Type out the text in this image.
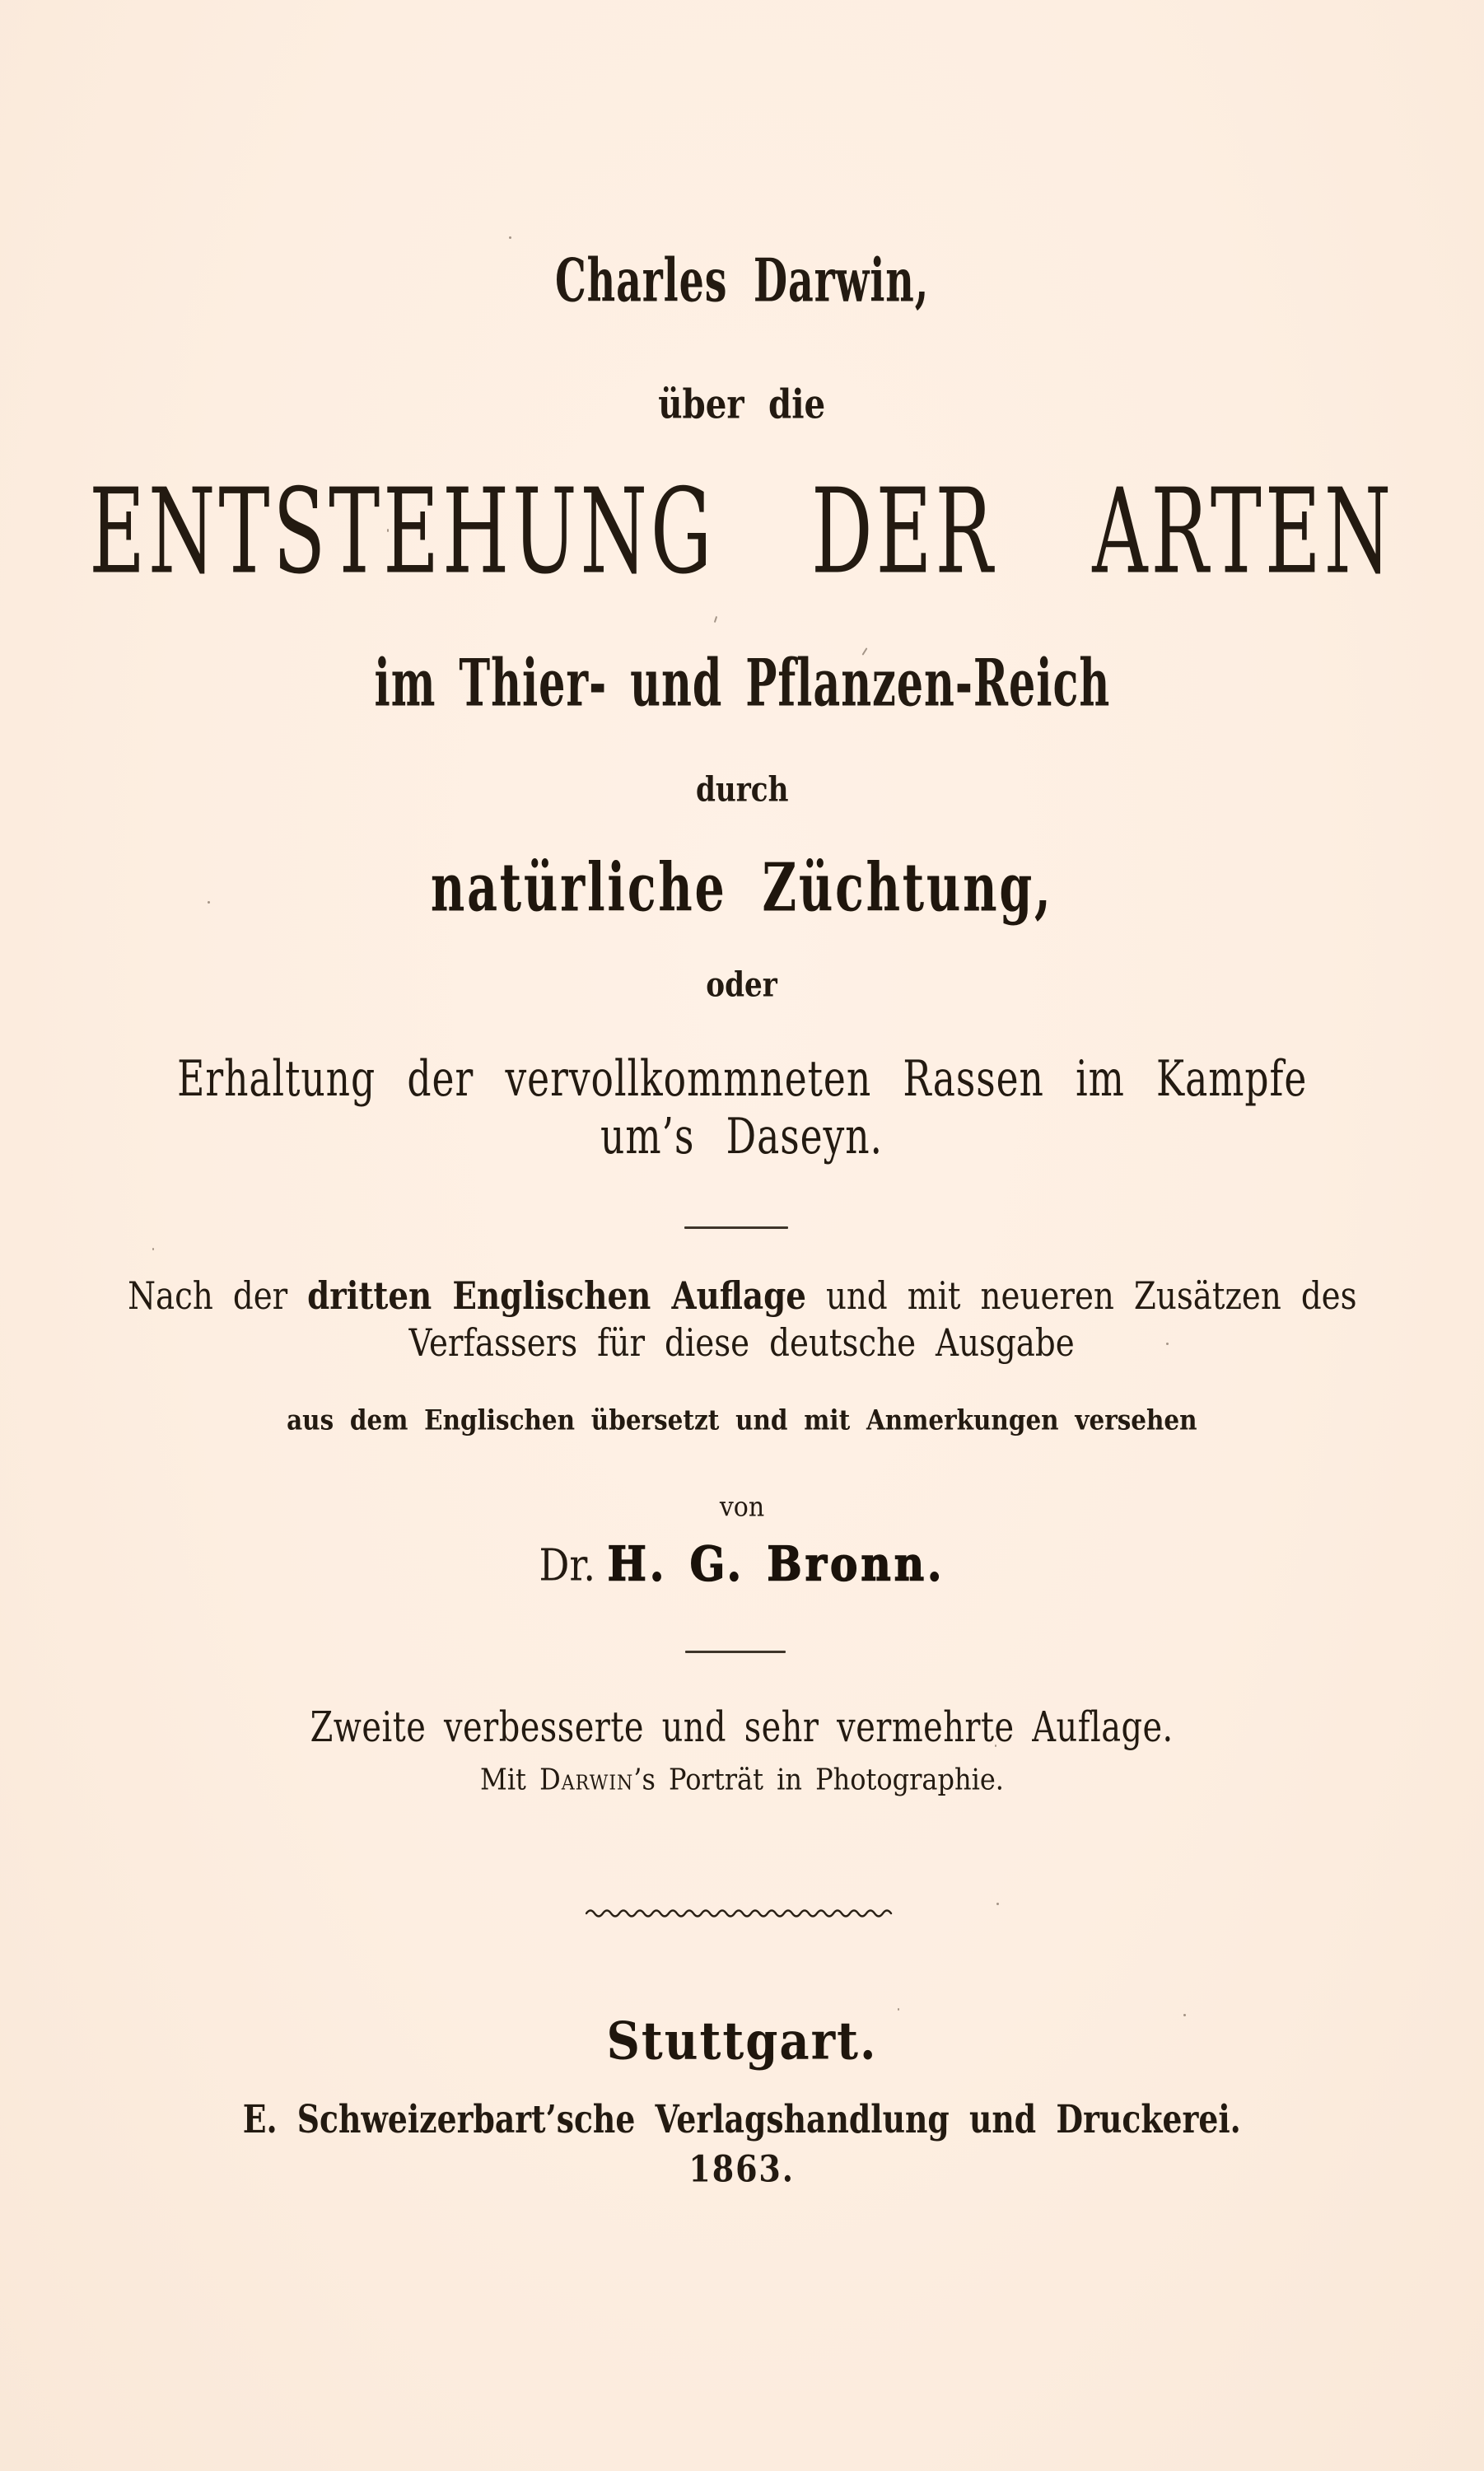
Charles Darwin,
über die
ENTSTEHUNG DER ARTEN
im Thier- und Pflanzen-Reich
durch
natürliche Züchtung,
oder
Erhaltung der vervollkommneten Rassen im Kampfe
um’s Daseyn.
Nach der dritten Englischen Auflage und mit neueren Zusätzen des
Verfassers für diese deutsche Ausgabe
aus dem Englischen übersetzt und mit Anmerkungen versehen
von
Dr. H. G. Bronn.
Zweite verbesserte und sehr vermehrte Auflage.
Mit Darwin’s Porträt in Photographie.
Stuttgart.
E. Schweizerbart’sche Verlagshandlung und Druckerei.
1863.
